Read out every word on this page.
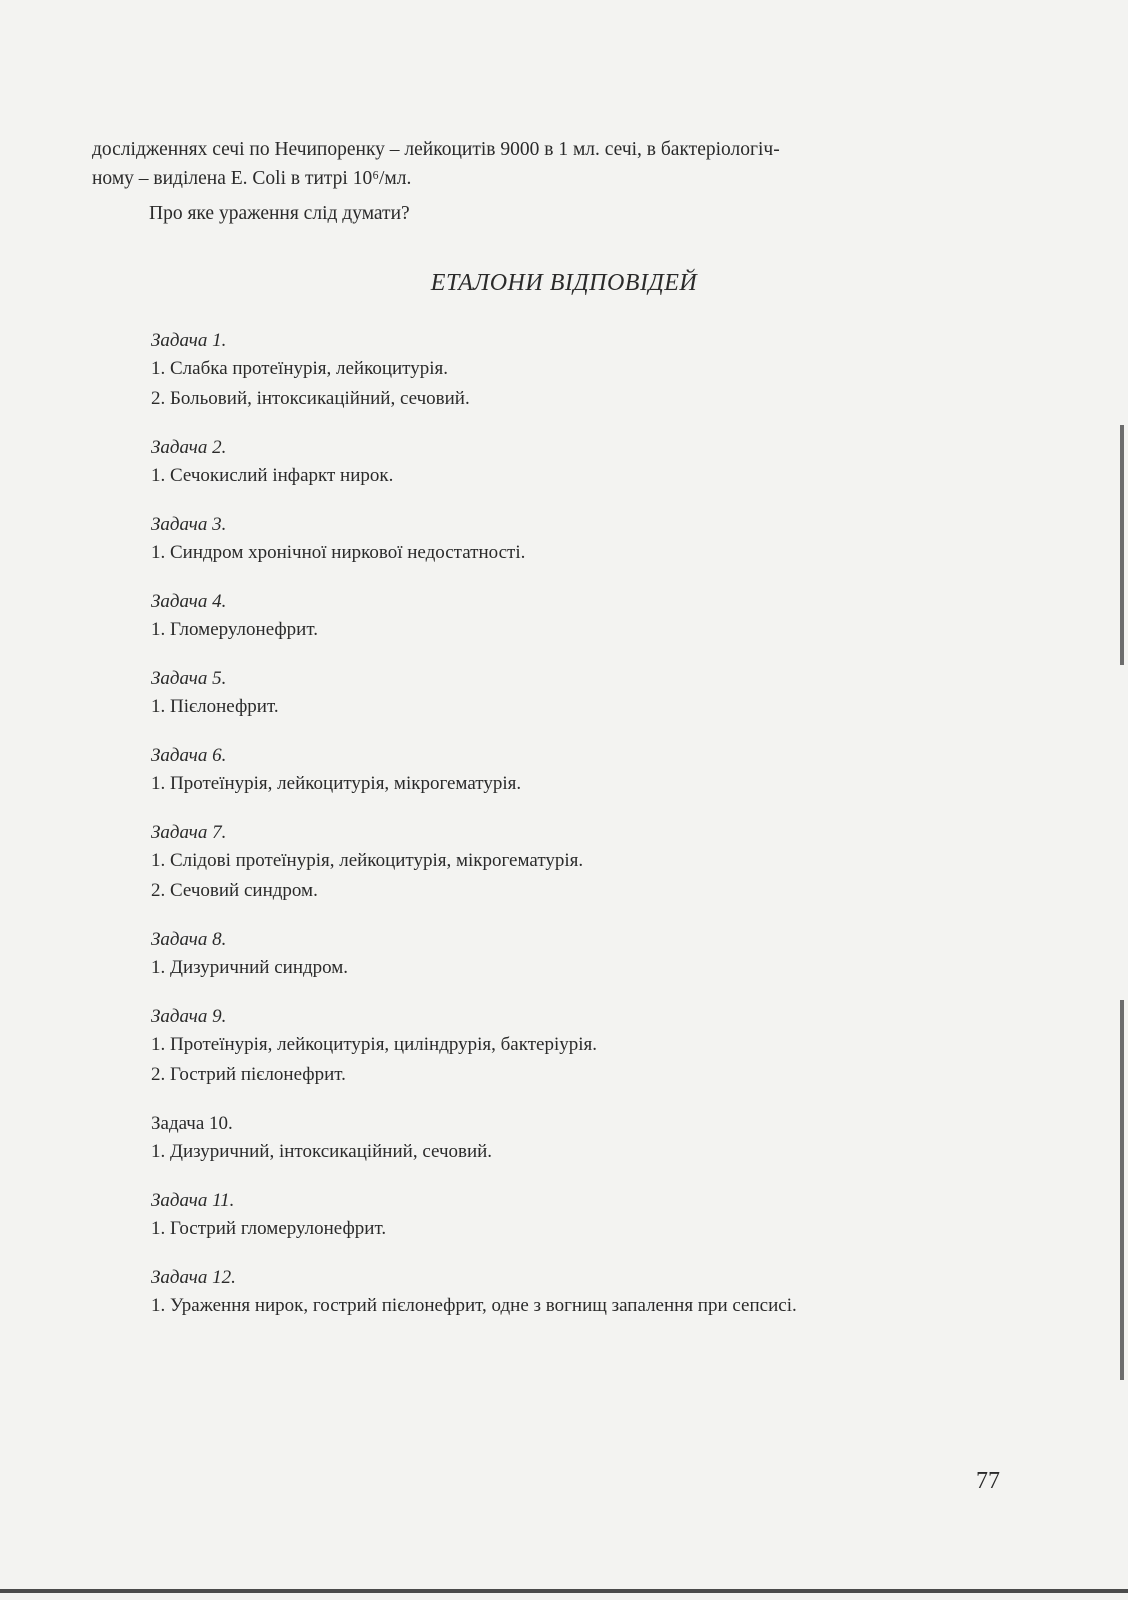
дослідженнях сечі по Нечипоренку – лейкоцитів 9000 в 1 мл. сечі, в бактеріологіч-

ному – виділена E. Coli в титрі 10⁶/мл.

Про яке ураження слід думати?

ЕТАЛОНИ ВІДПОВІДЕЙ

Задача 1.

1. Слабка протеїнурія, лейкоцитурія.

2. Больовий, інтоксикаційний, сечовий.

Задача 2.

1. Сечокислий інфаркт нирок.

Задача 3.

1. Синдром хронічної ниркової недостатності.

Задача 4.

1. Гломерулонефрит.

Задача 5.

1. Пієлонефрит.

Задача 6.

1. Протеїнурія, лейкоцитурія, мікрогематурія.

Задача 7.

1. Слідові протеїнурія, лейкоцитурія, мікрогематурія.

2. Сечовий синдром.

Задача 8.

1. Дизуричний синдром.

Задача 9.

1. Протеїнурія, лейкоцитурія, циліндрурія, бактеріурія.

2. Гострий пієлонефрит.

Задача 10.

1. Дизуричний, інтоксикаційний, сечовий.

Задача 11.

1. Гострий гломерулонефрит.

Задача 12.

1. Ураження нирок, гострий пієлонефрит, одне з вогнищ запалення при сепсисі.

77
